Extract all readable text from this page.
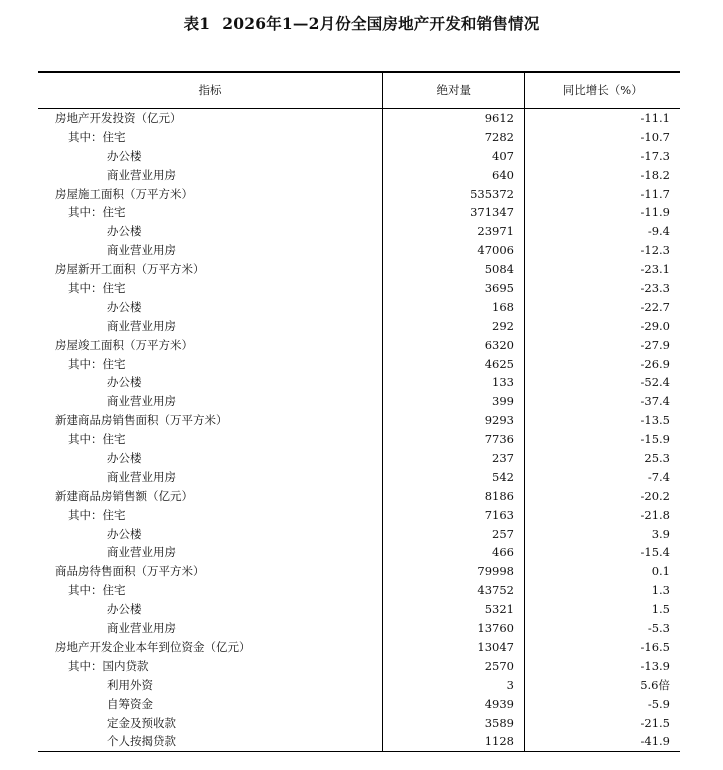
表1 2026年1—2月份全国房地产开发和销售情况
指标	绝对量	同比增长（%）
房地产开发投资（亿元）	9612	-11.1
其中：住宅	7282	-10.7
办公楼	407	-17.3
商业营业用房	640	-18.2
房屋施工面积（万平方米）	535372	-11.7
其中：住宅	371347	-11.9
办公楼	23971	-9.4
商业营业用房	47006	-12.3
房屋新开工面积（万平方米）	5084	-23.1
其中：住宅	3695	-23.3
办公楼	168	-22.7
商业营业用房	292	-29.0
房屋竣工面积（万平方米）	6320	-27.9
其中：住宅	4625	-26.9
办公楼	133	-52.4
商业营业用房	399	-37.4
新建商品房销售面积（万平方米）	9293	-13.5
其中：住宅	7736	-15.9
办公楼	237	25.3
商业营业用房	542	-7.4
新建商品房销售额（亿元）	8186	-20.2
其中：住宅	7163	-21.8
办公楼	257	3.9
商业营业用房	466	-15.4
商品房待售面积（万平方米）	79998	0.1
其中：住宅	43752	1.3
办公楼	5321	1.5
商业营业用房	13760	-5.3
房地产开发企业本年到位资金（亿元）	13047	-16.5
其中：国内贷款	2570	-13.9
利用外资	3	5.6倍
自筹资金	4939	-5.9
定金及预收款	3589	-21.5
个人按揭贷款	1128	-41.9
